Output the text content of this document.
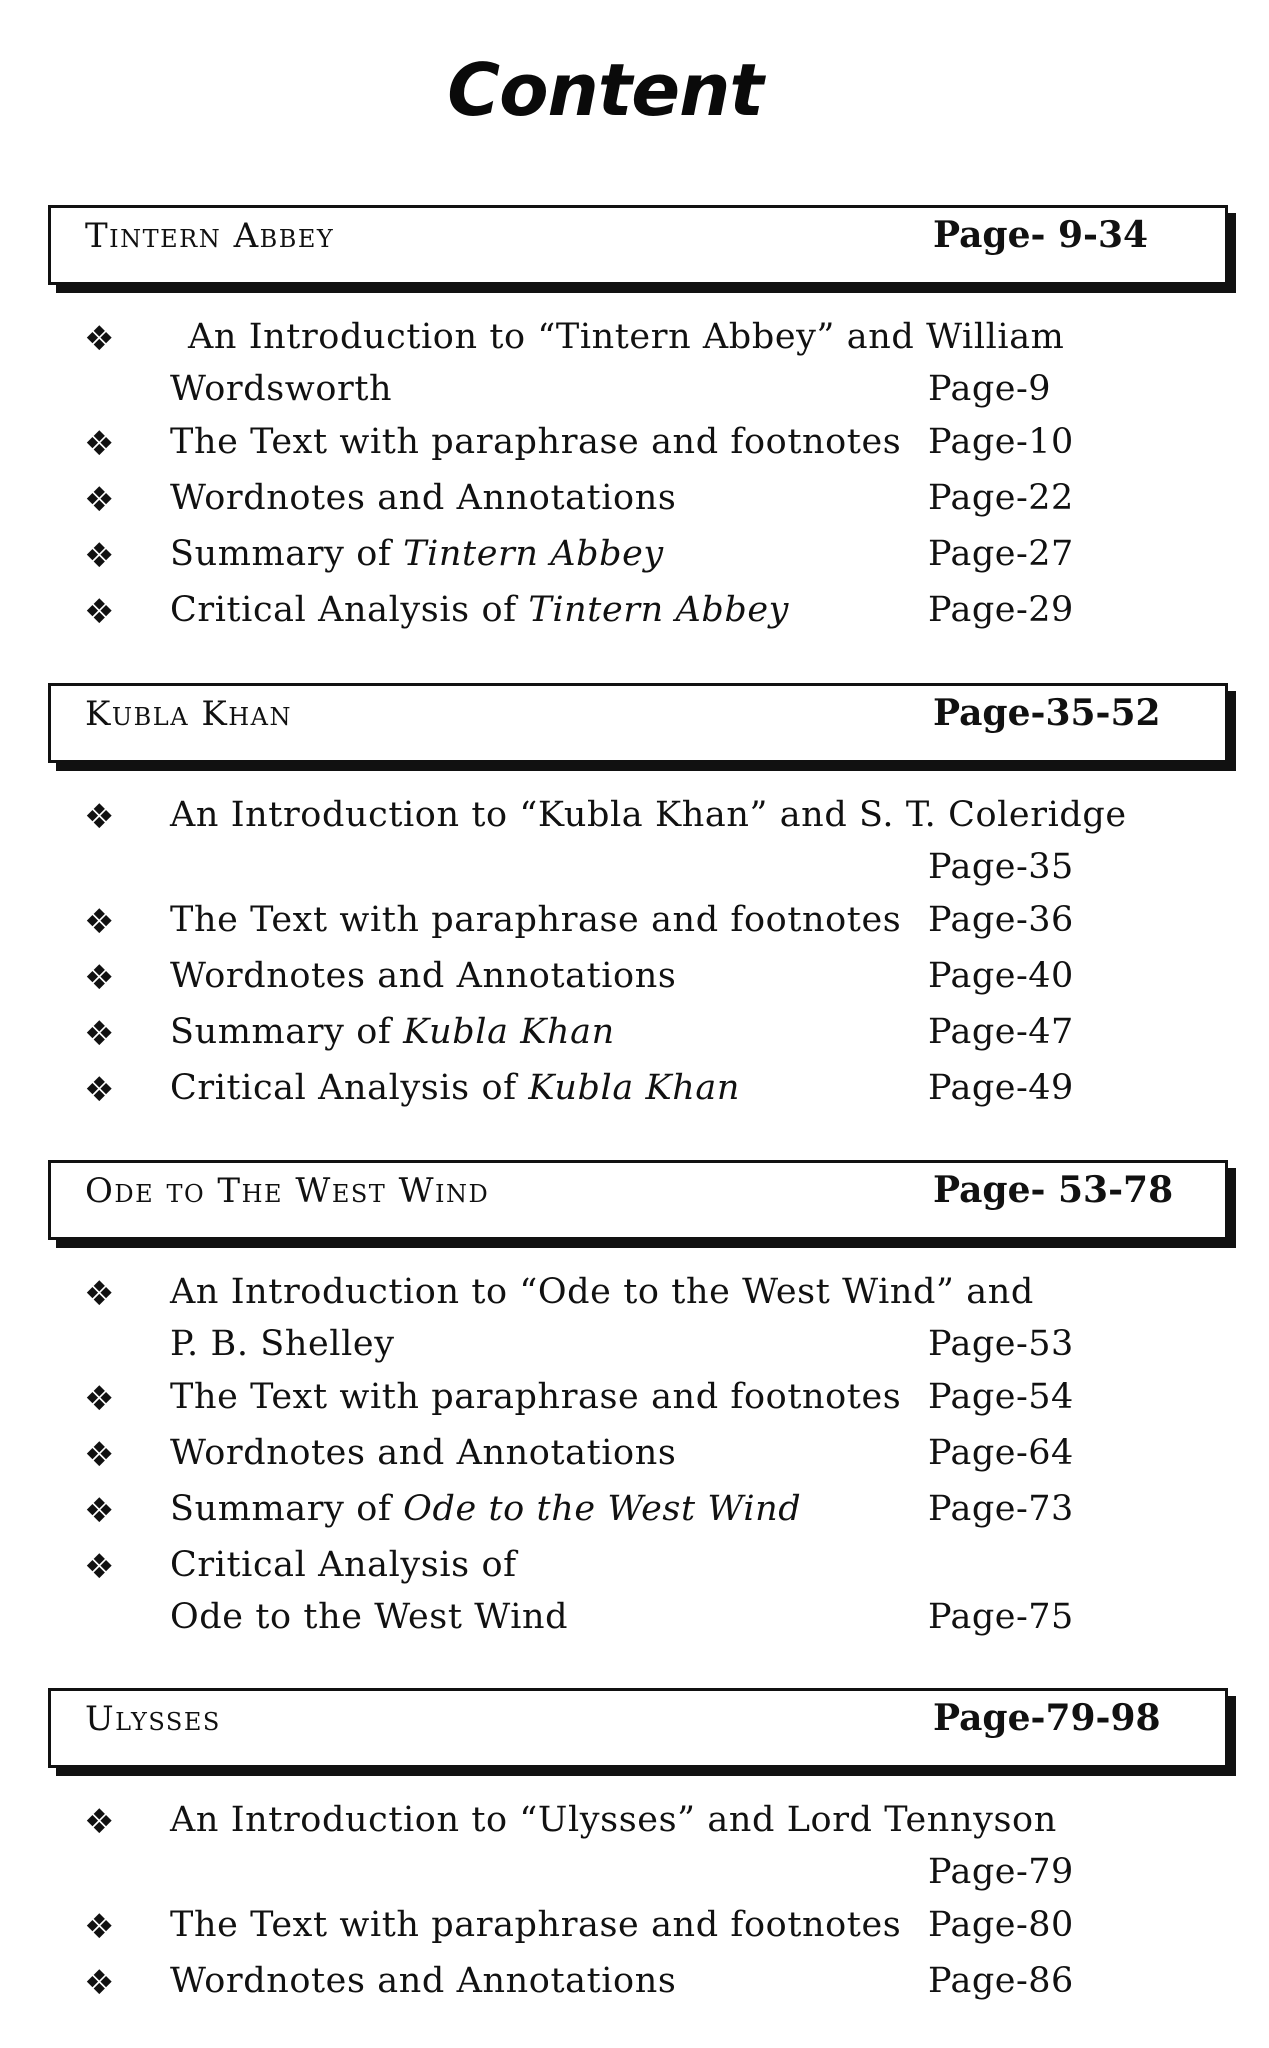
Content
Tintern Abbey	Page- 9-34
❖ An Introduction to “Tintern Abbey” and William
Wordsworth	Page-9
❖ The Text with paraphrase and footnotes Page-10
❖ Wordnotes and Annotations	Page-22
❖ Summary of Tintern Abbey	Page-27
❖ Critical Analysis of Tintern Abbey	Page-29
Kubla Khan	Page-35-52
❖ An Introduction to “Kubla Khan” and S. T. Coleridge
Page-35
❖ The Text with paraphrase and footnotes Page-36
❖ Wordnotes and Annotations	Page-40
❖ Summary of Kubla Khan	Page-47
❖ Critical Analysis of Kubla Khan	Page-49
Ode to The West Wind	Page- 53-78
❖ An Introduction to “Ode to the West Wind” and
P. B. Shelley	Page-53
❖ The Text with paraphrase and footnotes Page-54
❖ Wordnotes and Annotations	Page-64
❖ Summary of Ode to the West Wind	Page-73
❖ Critical Analysis of
Ode to the West Wind	Page-75
Ulysses	Page-79-98
❖ An Introduction to “Ulysses” and Lord Tennyson
Page-79
❖ The Text with paraphrase and footnotes Page-80
❖ Wordnotes and Annotations	Page-86
